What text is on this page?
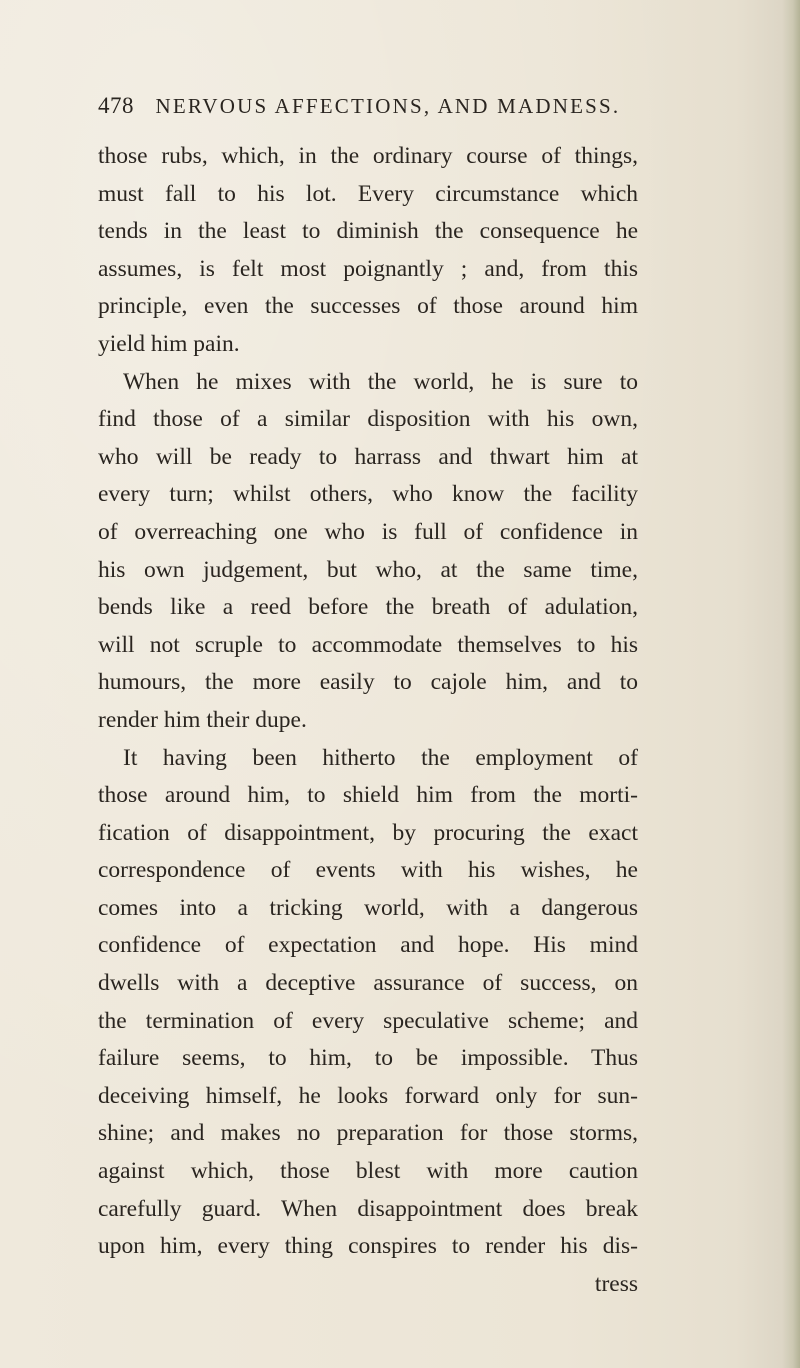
478 NERVOUS AFFECTIONS, AND MADNESS.
those rubs, which, in the ordinary course of things,
must fall to his lot. Every circumstance which
tends in the least to diminish the consequence he
assumes, is felt most poignantly ; and, from this
principle, even the successes of those around him
yield him pain.
When he mixes with the world, he is sure to
find those of a similar disposition with his own,
who will be ready to harrass and thwart him at
every turn; whilst others, who know the facility
of overreaching one who is full of confidence in
his own judgement, but who, at the same time,
bends like a reed before the breath of adulation,
will not scruple to accommodate themselves to his
humours, the more easily to cajole him, and to
render him their dupe.
It having been hitherto the employment of
those around him, to shield him from the morti-
fication of disappointment, by procuring the exact
correspondence of events with his wishes, he
comes into a tricking world, with a dangerous
confidence of expectation and hope. His mind
dwells with a deceptive assurance of success, on
the termination of every speculative scheme; and
failure seems, to him, to be impossible. Thus
deceiving himself, he looks forward only for sun-
shine; and makes no preparation for those storms,
against which, those blest with more caution
carefully guard. When disappointment does break
upon him, every thing conspires to render his dis-
tress
